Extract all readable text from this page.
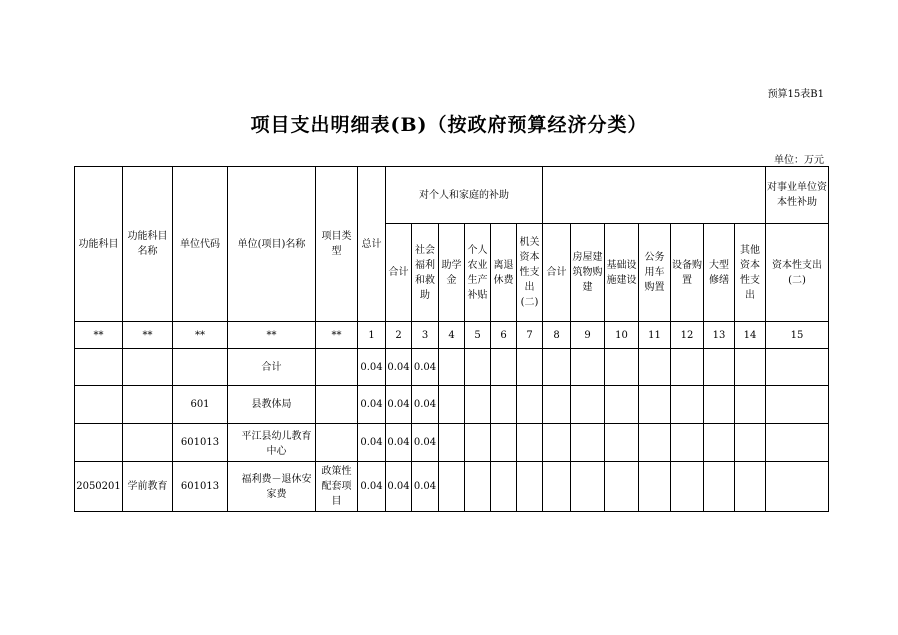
预算15表B1
项目支出明细表(B)（按政府预算经济分类）
单位：万元
功能科目	功能科目名称	单位代码	单位(项目)名称	项目类型	总计	对个人和家庭的补助													对事业单位资本性补助
						合计	社会福利和救助	助学金	个人农业生产补贴	离退休费	机关资本性支出(二)	合计	房屋建筑物购建	基础设施建设	公务用车购置	设备购置	大型修缮	其他资本性支出	资本性支出(二)
**	**	**	**	**	1	2	3	4	5	6	7	8	9	10	11	12	13	14	15
			合计		0.04	0.04	0.04												
		601	县教体局		0.04	0.04	0.04												
		601013	平江县幼儿教育中心		0.04	0.04	0.04												
2050201	学前教育	601013	福利费－退休安家费	政策性配套项目	0.04	0.04	0.04												
